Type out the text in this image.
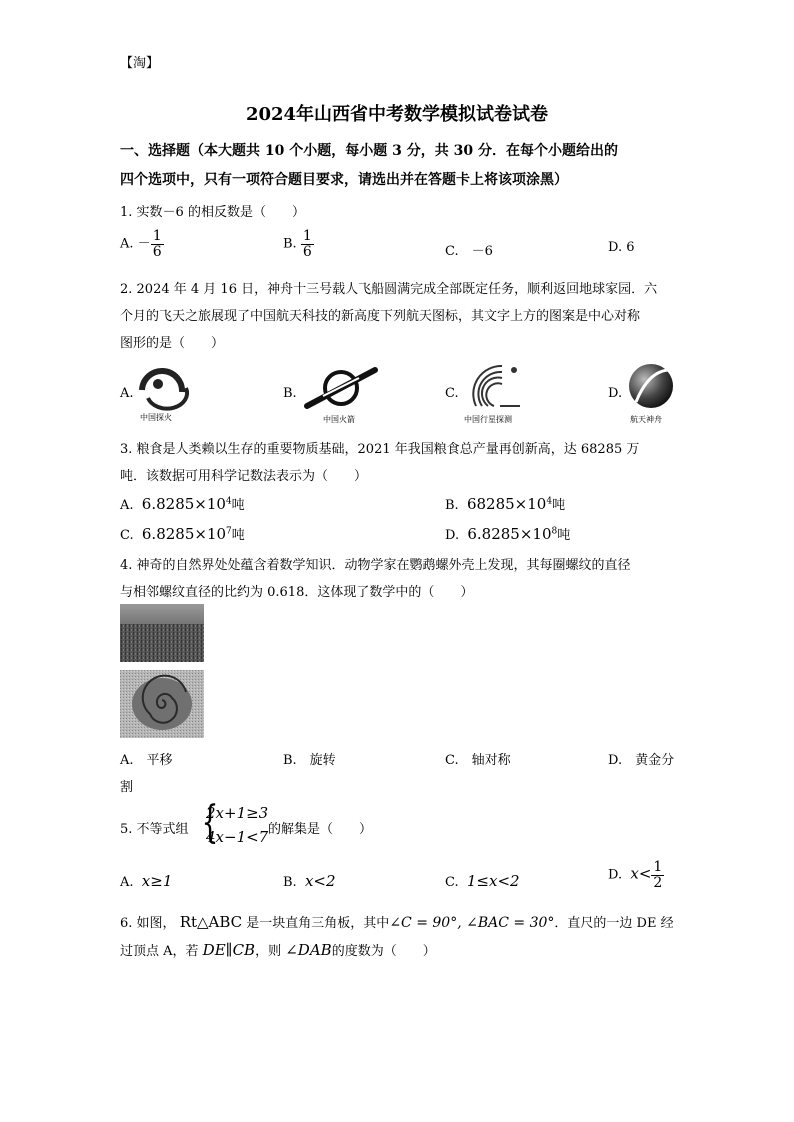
【淘】
2024年山西省中考数学模拟试卷试卷
一、选择题（本大题共 10 个小题，每小题 3 分，共 30 分．在每个小题给出的
四个选项中，只有一项符合题目要求，请选出并在答题卡上将该项涂黑）
1. 实数－6 的相反数是（　　）
A. － $\frac{1}{6}$	B. $\frac{1}{6}$	C.　－6	D. 6
2. 2024 年 4 月 16 日，神舟十三号载人飞船圆满完成全部既定任务，顺利返回地球家园．六
个月的飞天之旅展现了中国航天科技的新高度下列航天图标，其文字上方的图案是中心对称
图形的是（　　）
A.
中国探火
B.
中国火箭
C.
中国行星探测
D.
航天神舟
3. 粮食是人类赖以生存的重要物质基础，2021 年我国粮食总产量再创新高，达 68285 万
吨．该数据可用科学记数法表示为（　　）
A. $6.8285\times 10^4$吨	B. $68285\times 10^4$吨
C. $6.8285\times 10^7$吨	D. $6.8285\times 10^8$吨
4. 神奇的自然界处处蕴含着数学知识．动物学家在鹦鹉螺外壳上发现，其每圈螺纹的直径
与相邻螺纹直径的比约为 0.618．这体现了数学中的（　　）
A.　平移	B.　旋转	C.　轴对称	D.　黄金分
割
5. 不等式组 {
2x+1≥3
4x−1<7 的解集是（　　）
A. x≥1	B. x<2	C. 1≤x<2	D. $x< \frac{1}{2}$
6. 如图， Rt△ABC 是一块直角三角板，其中∠C = 90°, ∠BAC = 30°．直尺的一边 DE 经
过顶点 A，若 DE∥CB，则 ∠DAB的度数为（　　）
